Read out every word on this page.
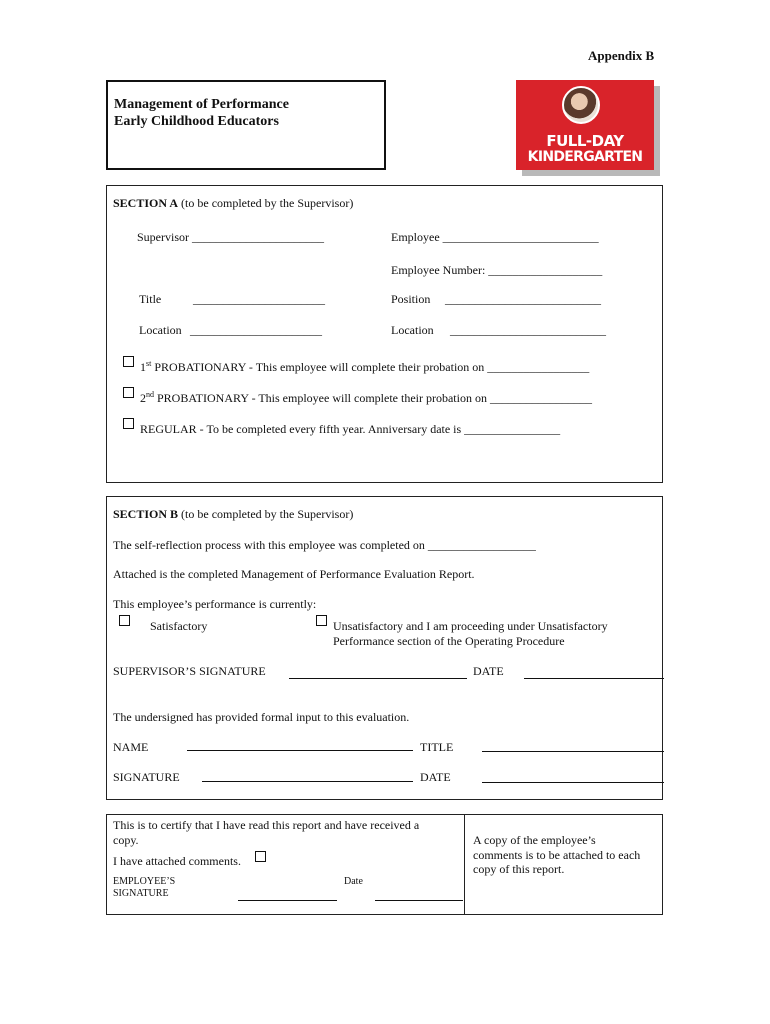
Appendix B
Management of Performance
Early Childhood Educators
FULL-DAY
KINDERGARTEN
SECTION A (to be completed by the Supervisor)
Supervisor ______________________	Employee __________________________
Employee Number: ___________________
Title	______________________	Position __________________________
Location ______________________	Location __________________________
1st PROBATIONARY - This employee will complete their probation on _________________
2nd PROBATIONARY - This employee will complete their probation on _________________
REGULAR - To be completed every fifth year. Anniversary date is ________________
SECTION B (to be completed by the Supervisor)
The self-reflection process with this employee was completed on __________________
Attached is the completed Management of Performance Evaluation Report.
This employee’s performance is currently:
Satisfactory	Unsatisfactory and I am proceeding under Unsatisfactory
Performance section of the Operating Procedure
SUPERVISOR’S SIGNATURE	DATE
The undersigned has provided formal input to this evaluation.
NAME	TITLE
SIGNATURE	DATE
This is to certify that I have read this report and have received a
copy.
I have attached comments.
EMPLOYEE’S
SIGNATURE
Date
A copy of the employee’s
comments is to be attached to each
copy of this report.
